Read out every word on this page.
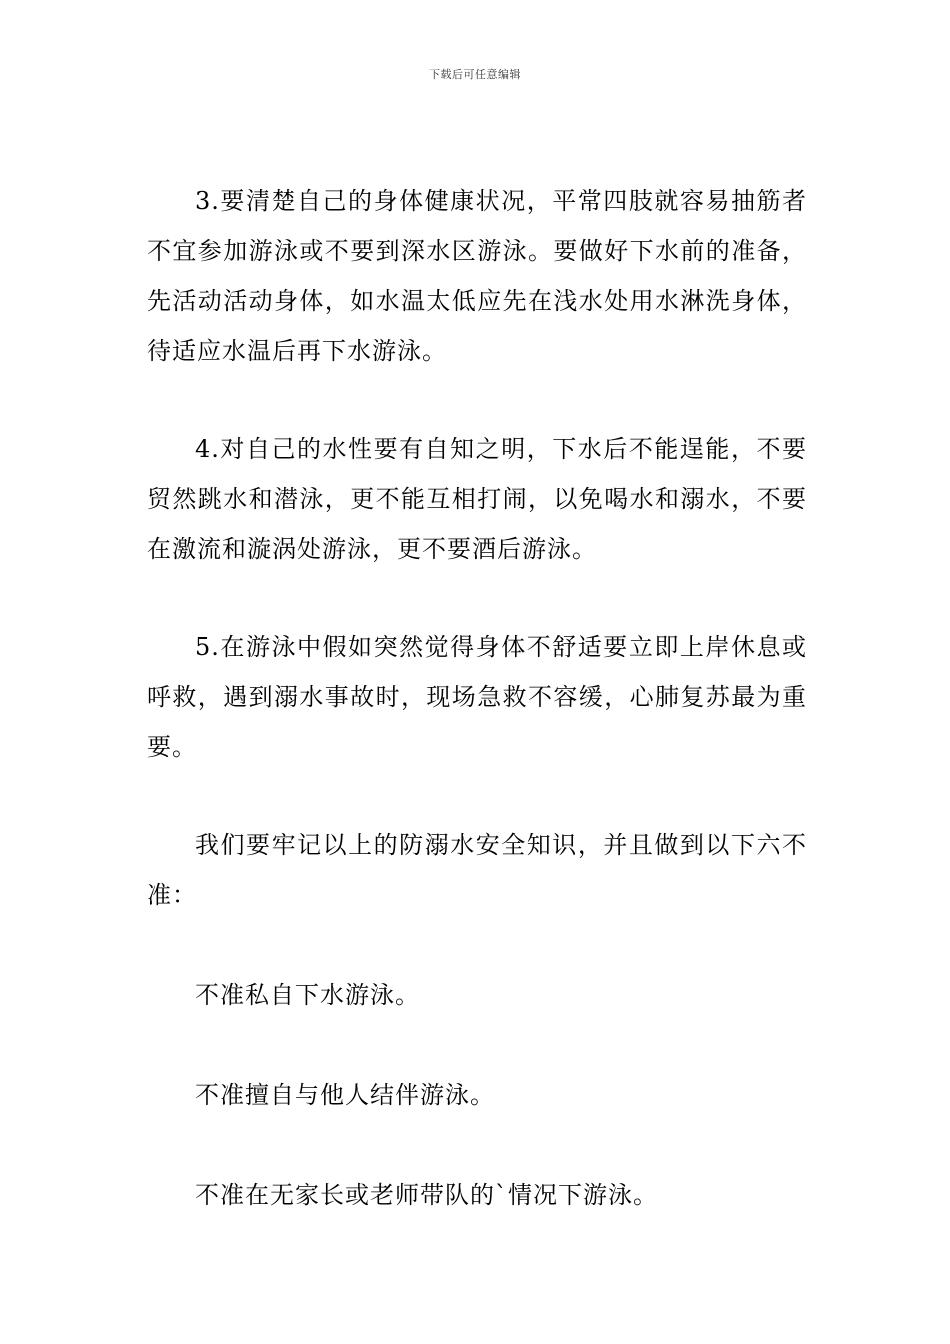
下载后可任意编辑

3.要清楚自己的身体健康状况，平常四肢就容易抽筋者不宜参加游泳或不要到深水区游泳。要做好下水前的准备，先活动活动身体，如水温太低应先在浅水处用水淋洗身体，待适应水温后再下水游泳。

4.对自己的水性要有自知之明，下水后不能逞能，不要贸然跳水和潜泳，更不能互相打闹，以免喝水和溺水，不要在激流和漩涡处游泳，更不要酒后游泳。

5.在游泳中假如突然觉得身体不舒适要立即上岸休息或呼救，遇到溺水事故时，现场急救不容缓，心肺复苏最为重要。

我们要牢记以上的防溺水安全知识，并且做到以下六不准：

不准私自下水游泳。

不准擅自与他人结伴游泳。

不准在无家长或老师带队的`情况下游泳。
